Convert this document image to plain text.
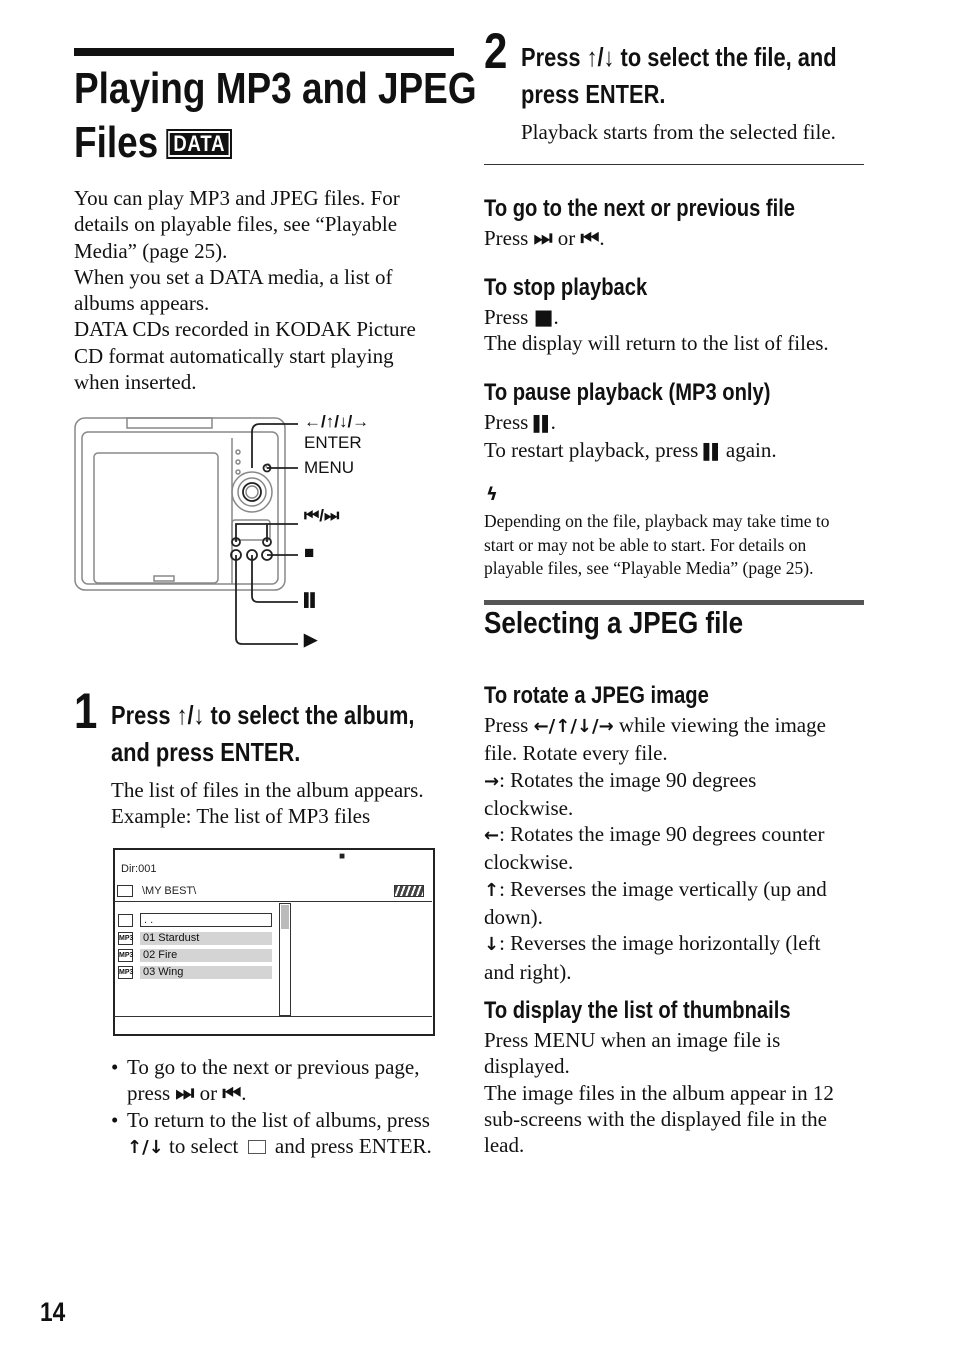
Playing MP3 and JPEG
Files DATA
You can play MP3 and JPEG files. For
details on playable files, see “Playable
Media” (page 25).
When you set a DATA media, a list of
albums appears.
DATA CDs recorded in KODAK Picture
CD format automatically start playing
when inserted.
←/↑/↓/→
ENTER
MENU
⏮/⏭
■
▌▌
▶
1 Press ↑/↓ to select the album,
and press ENTER.
The list of files in the album appears.
Example: The list of MP3 files
Dir:001
■
\MY BEST\
. .
MP3 01 Stardust
MP3 02 Fire
MP3 03 Wing
• To go to the next or previous page,
press ⏭ or ⏮.
• To return to the list of albums, press
↑/↓ to select and press ENTER.
14
2 Press ↑/↓ to select the file, and
press ENTER.
Playback starts from the selected file.
To go to the next or previous file
Press ⏭ or ⏮.
To stop playback
Press ■.
The display will return to the list of files.
To pause playback (MP3 only)
Press ▌▌.
To restart playback, press ▌▌ again.
ϟ
Depending on the file, playback may take time to
start or may not be able to start. For details on
playable files, see “Playable Media” (page 25).
Selecting a JPEG file
To rotate a JPEG image
Press ←/↑/↓/→ while viewing the image
file. Rotate every file.
→: Rotates the image 90 degrees
clockwise.
←: Rotates the image 90 degrees counter
clockwise.
↑: Reverses the image vertically (up and
down).
↓: Reverses the image horizontally (left
and right).
To display the list of thumbnails
Press MENU when an image file is
displayed.
The image files in the album appear in 12
sub-screens with the displayed file in the
lead.
